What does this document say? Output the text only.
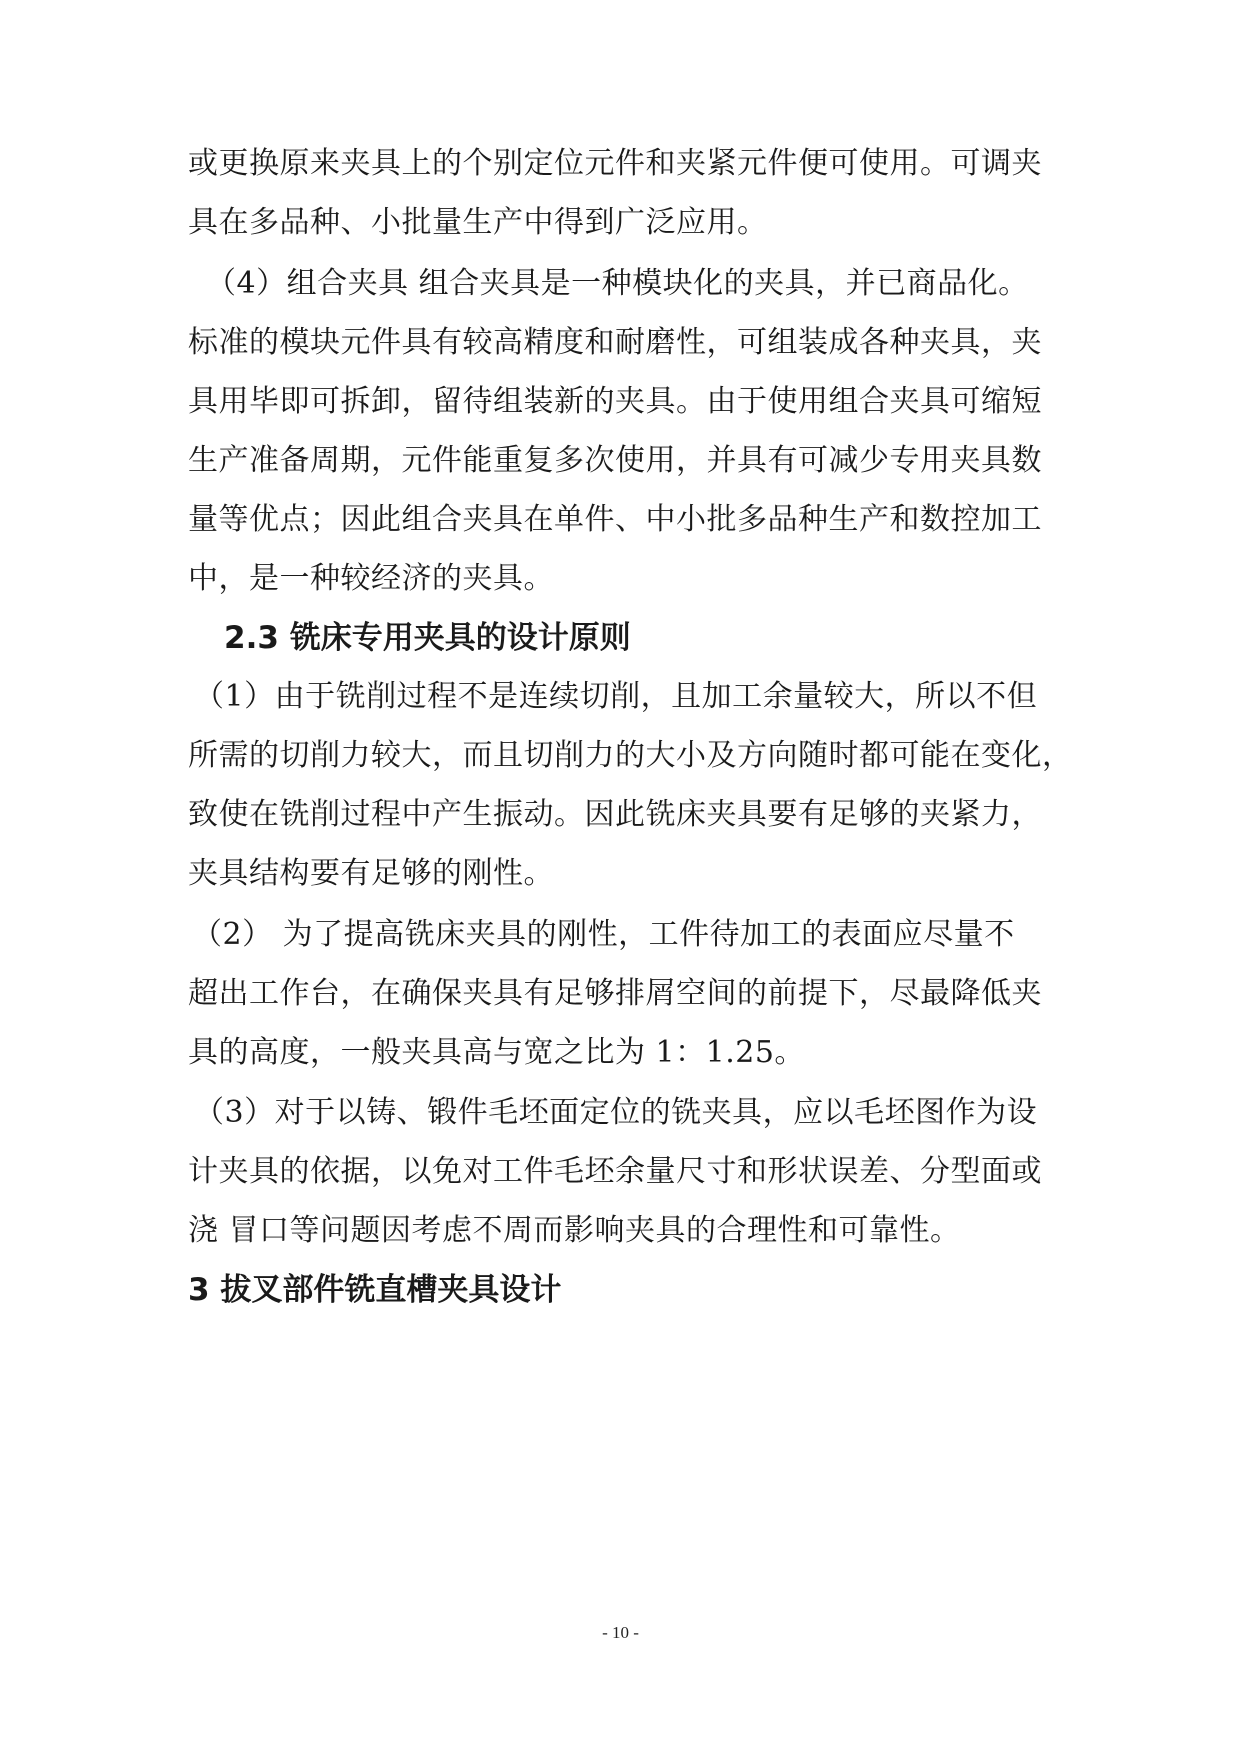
或更换原来夹具上的个别定位元件和夹紧元件便可使用。可调夹
具在多品种、小批量生产中得到广泛应用。
（4）组合夹具 组合夹具是一种模块化的夹具，并已商品化。
标准的模块元件具有较高精度和耐磨性，可组装成各种夹具，夹
具用毕即可拆卸，留待组装新的夹具。由于使用组合夹具可缩短
生产准备周期，元件能重复多次使用，并具有可减少专用夹具数
量等优点；因此组合夹具在单件、中小批多品种生产和数控加工
中，是一种较经济的夹具。
2.3 铣床专用夹具的设计原则
（1）由于铣削过程不是连续切削，且加工余量较大，所以不但
所需的切削力较大，而且切削力的大小及方向随时都可能在变化，
致使在铣削过程中产生振动。因此铣床夹具要有足够的夹紧力，
夹具结构要有足够的刚性。
（2） 为了提高铣床夹具的刚性，工件待加工的表面应尽量不
超出工作台，在确保夹具有足够排屑空间的前提下，尽最降低夹
具的高度，一般夹具高与宽之比为 1：1.25。
（3）对于以铸、锻件毛坯面定位的铣夹具，应以毛坯图作为设
计夹具的依据，以免对工件毛坯余量尺寸和形状误差、分型面或
浇 冒口等问题因考虑不周而影响夹具的合理性和可靠性。
3 拔叉部件铣直槽夹具设计
- 10 -
